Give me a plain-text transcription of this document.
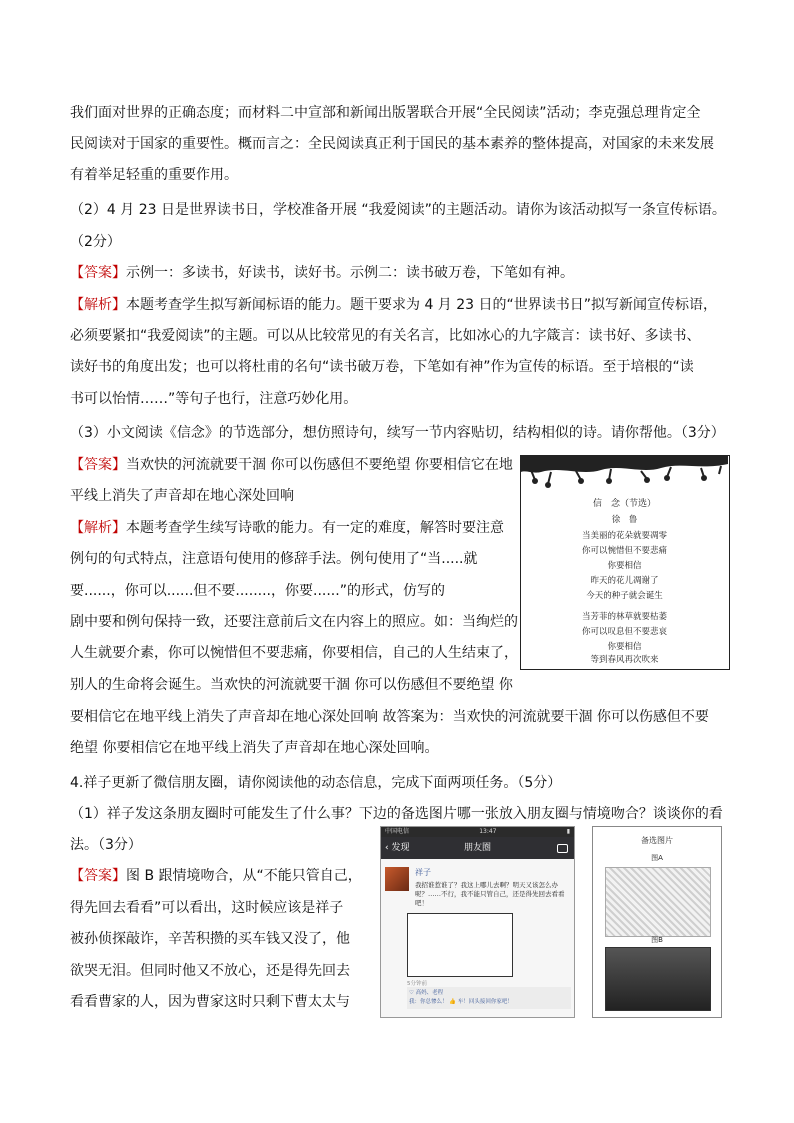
我们面对世界的正确态度；而材料二中宣部和新闻出版署联合开展“全民阅读”活动；李克强总理肯定全

民阅读对于国家的重要性。概而言之：全民阅读真正利于国民的基本素养的整体提高，对国家的未来发展

有着举足轻重的重要作用。

（2）4 月 23 日是世界读书日，学校准备开展 “我爱阅读”的主题活动。请你为该活动拟写一条宣传标语。

（2分）

【答案】示例一：多读书，好读书，读好书。示例二：读书破万卷，下笔如有神。

【解析】本题考查学生拟写新闻标语的能力。题干要求为 4 月 23 日的“世界读书日”拟写新闻宣传标语，

必须要紧扣“我爱阅读”的主题。可以从比较常见的有关名言，比如冰心的九字箴言：读书好、多读书、

读好书的角度出发；也可以将杜甫的名句“读书破万卷，下笔如有神”作为宣传的标语。至于培根的“读

书可以怡情……”等句子也行，注意巧妙化用。

（3）小文阅读《信念》的节选部分，想仿照诗句，续写一节内容贴切，结构相似的诗。请你帮他。（3分）

【答案】当欢快的河流就要干涸 你可以伤感但不要绝望 你要相信它在地

平线上消失了声音却在地心深处回响

【解析】本题考查学生续写诗歌的能力。有一定的难度，解答时要注意

例句的句式特点，注意语句使用的修辞手法。例句使用了“当.....就

要......，你可以......但不要........，你要......”的形式，仿写的

剧中要和例句保持一致，还要注意前后文在内容上的照应。如：当绚烂的

人生就要介素，你可以惋惜但不要悲痛，你要相信，自己的人生结束了，

别人的生命将会诞生。当欢快的河流就要干涸 你可以伤感但不要绝望 你

要相信它在地平线上消失了声音却在地心深处回响 故答案为：当欢快的河流就要干涸 你可以伤感但不要

绝望 你要相信它在地平线上消失了声音却在地心深处回响。

信　念（节选）
徐　鲁
当美丽的花朵就要凋零
你可以惋惜但不要悲痛
你要相信
昨天的花儿凋谢了
今天的种子就会诞生
当芳菲的林草就要枯萎
你可以叹息但不要悲哀
你要相信
等到春风再次吹来

4.祥子更新了微信朋友圈，请你阅读他的动态信息，完成下面两项任务。（5分）

（1）祥子发这条朋友圈时可能发生了什么事？下边的备选图片哪一张放入朋友圈与情境吻合？谈谈你的看

法。（3分）

【答案】图 B 跟情境吻合，从“不能只管自己，

得先回去看看”可以看出，这时候应该是祥子

被孙侦探敲诈，辛苦积攒的买车钱又没了，他

欲哭无泪。但同时他又不放心，还是得先回去

看看曹家的人，因为曹家这时只剩下曹太太与

中国电信	13:47	▮
‹ 发现	朋友圈
祥子
我招谁惹谁了？我这上哪儿去啊？明天又该怎么办呢？……不行，我不能只管自己，还是得先回去看看吧！
5分钟前
♡ 高妈、老程
我：你总惨么！ 👍 车！回头接回你家吧！
备选图片
图A
图B
